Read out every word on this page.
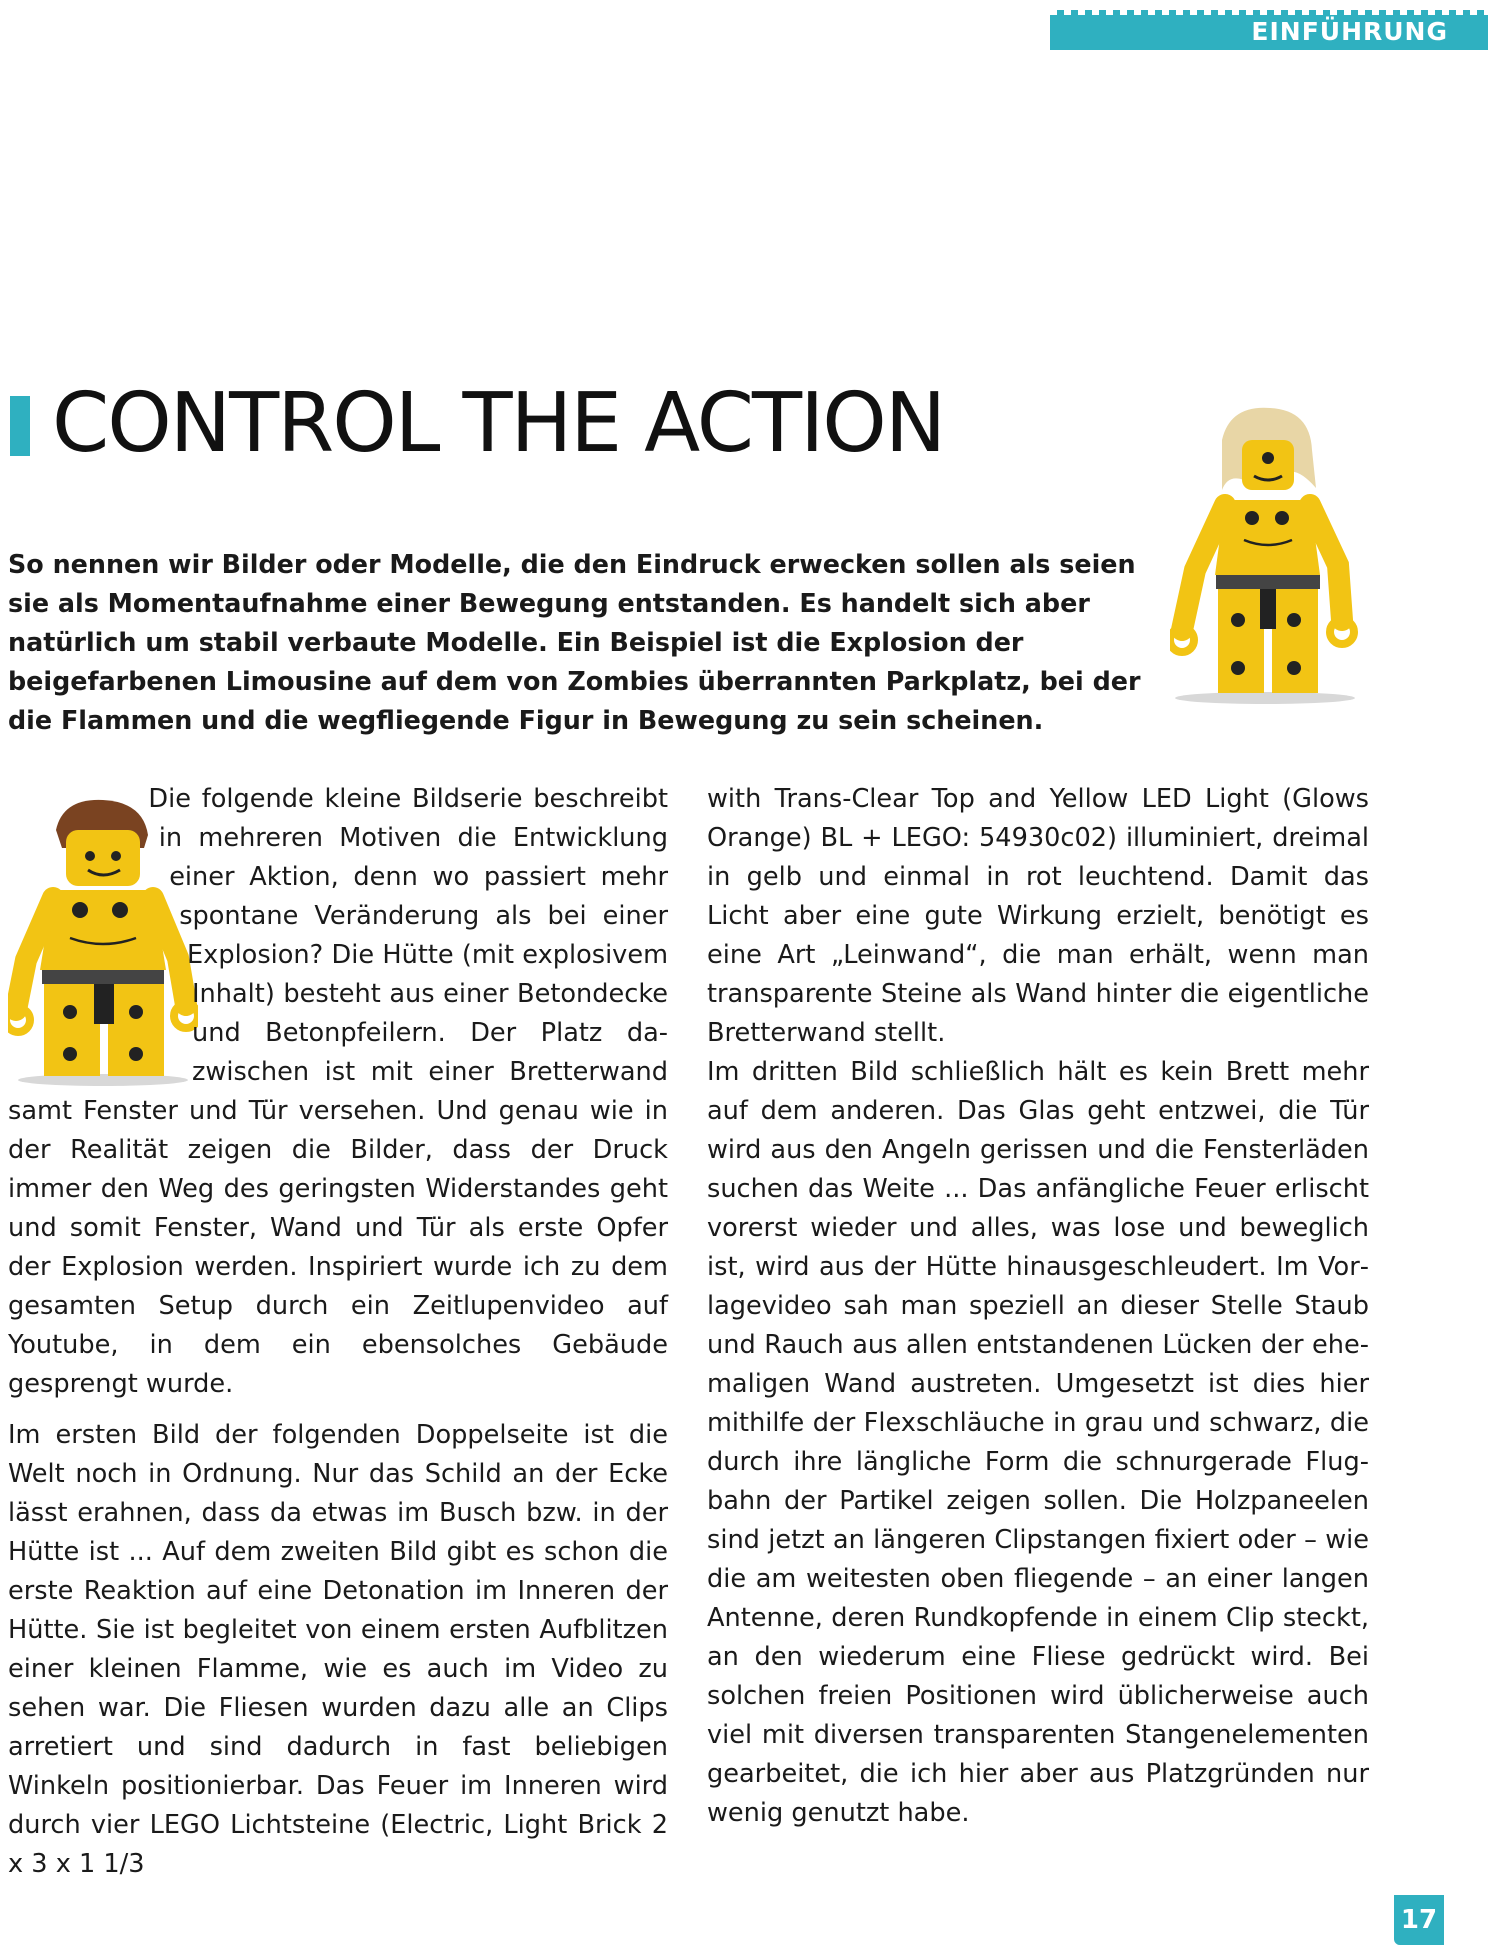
EINFÜHRUNG
CONTROL THE ACTION

So nennen wir Bilder oder Modelle, die den Eindruck erwecken sollen als seien sie als Momentaufnahme einer Bewegung entstanden. Es handelt sich aber natürlich um stabil verbaute Modelle. Ein Beispiel ist die Explosion der beigefarbenen Limousine auf dem von Zombies überrannten Parkplatz, bei der die Flammen und die wegfliegende Figur in Bewegung zu sein scheinen.

Die folgende kleine Bildserie beschreibt in mehreren Motiven die Entwicklung einer Aktion, denn wo passiert mehr spontane Veränderung als bei einer Explosion? Die Hütte (mit explosivem Inhalt) besteht aus einer Betondecke und Betonpfeilern. Der Platz dazwischen ist mit einer Bretterwand samt Fenster und Tür versehen. Und genau wie in der Realität zeigen die Bilder, dass der Druck immer den Weg des geringsten Widerstandes geht und somit Fenster, Wand und Tür als erste Opfer der Explosion werden. Inspiriert wurde ich zu dem gesamten Setup durch ein Zeitlupenvideo auf Youtube, in dem ein ebensolches Gebäude gesprengt wurde.

Im ersten Bild der folgenden Doppelseite ist die Welt noch in Ordnung. Nur das Schild an der Ecke lässt erahnen, dass da etwas im Busch bzw. in der Hütte ist ... Auf dem zweiten Bild gibt es schon die erste Reaktion auf eine Detonation im Inneren der Hütte. Sie ist begleitet von einem ersten Aufblitzen einer kleinen Flamme, wie es auch im Video zu sehen war. Die Fliesen wurden dazu alle an Clips arretiert und sind dadurch in fast beliebigen Winkeln positionierbar. Das Feuer im Inneren wird durch vier LEGO Lichtsteine (Electric, Light Brick 2 x 3 x 1 1/3

with Trans-Clear Top and Yellow LED Light (Glows Orange) BL + LEGO: 54930c02) illuminiert, dreimal in gelb und einmal in rot leuchtend. Damit das Licht aber eine gute Wirkung erzielt, benötigt es eine Art „Leinwand“, die man erhält, wenn man transparente Steine als Wand hinter die eigentliche Bretterwand stellt.

Im dritten Bild schließlich hält es kein Brett mehr auf dem anderen. Das Glas geht entzwei, die Tür wird aus den Angeln gerissen und die Fensterläden suchen das Weite ... Das anfängliche Feuer erlischt vorerst wieder und alles, was lose und beweglich ist, wird aus der Hütte hinausgeschleudert. Im Vorlagevideo sah man speziell an dieser Stelle Staub und Rauch aus allen entstandenen Lücken der ehemaligen Wand austreten. Umgesetzt ist dies hier mithilfe der Flexschläuche in grau und schwarz, die durch ihre längliche Form die schnurgerade Flugbahn der Partikel zeigen sollen. Die Holzpaneelen sind jetzt an längeren Clipstangen fixiert oder – wie die am weitesten oben fliegende – an einer langen Antenne, deren Rundkopfende in einem Clip steckt, an den wiederum eine Fliese gedrückt wird. Bei solchen freien Positionen wird üblicherweise auch viel mit diversen transparenten Stangenelementen gearbeitet, die ich hier aber aus Platzgründen nur wenig genutzt habe.

17
